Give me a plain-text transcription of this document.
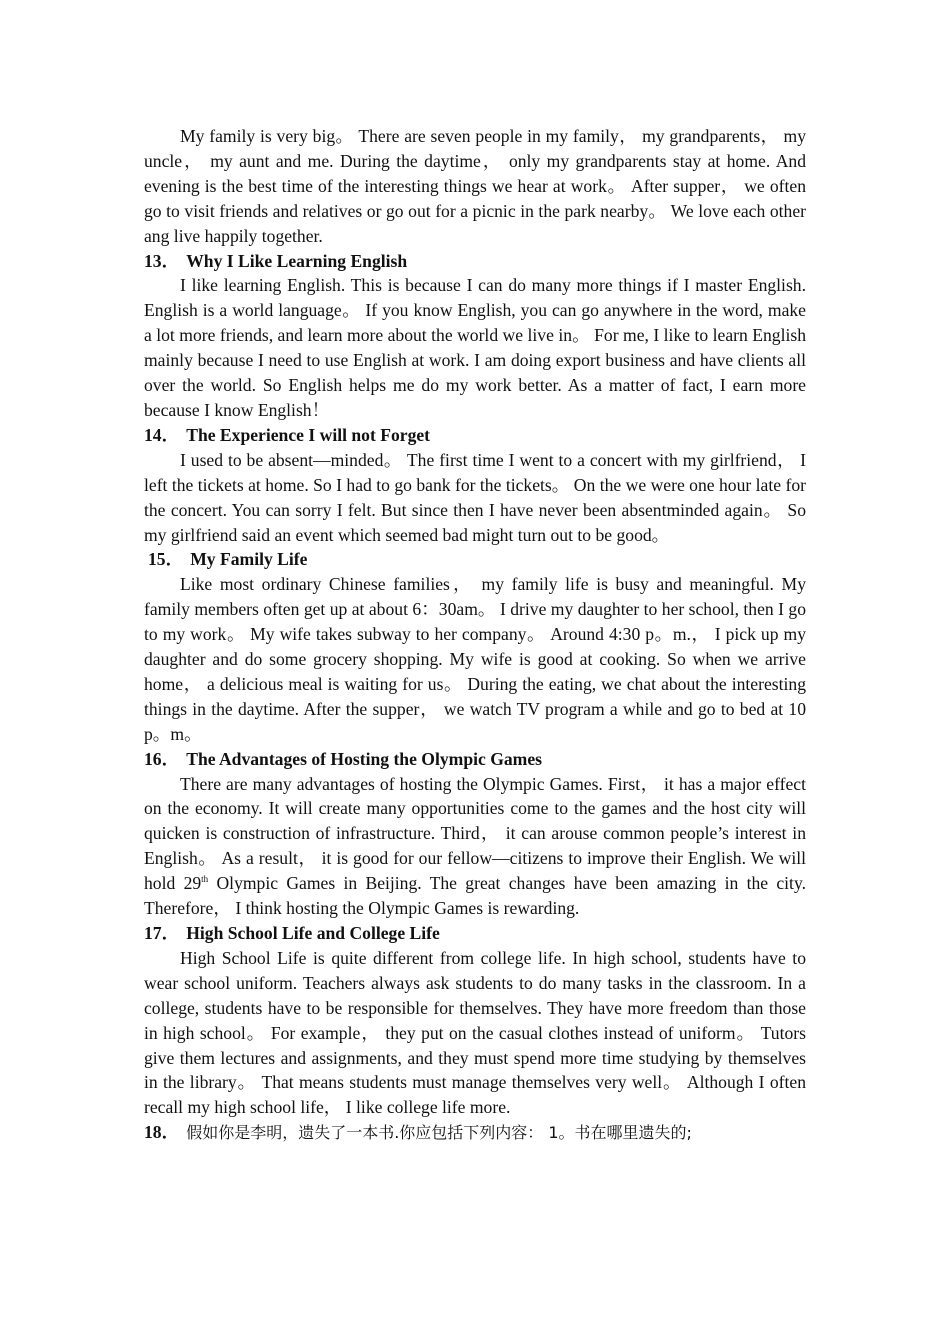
My family is very big。 There are seven people in my family， my grandparents， my uncle， my aunt and me. During the daytime， only my grandparents stay at home. And evening is the best time of the interesting things we hear at work。 After supper， we often go to visit friends and relatives or go out for a picnic in the park nearby。 We love each other ang live happily together.

13． Why I Like Learning English

I like learning English. This is because I can do many more things if I master English. English is a world language。 If you know English, you can go anywhere in the word, make a lot more friends, and learn more about the world we live in。 For me, I like to learn English mainly because I need to use English at work. I am doing export business and have clients all over the world. So English helps me do my work better. As a matter of fact, I earn more because I know English！

14． The Experience I will not Forget

I used to be absent—minded。 The first time I went to a concert with my girlfriend， I left the tickets at home. So I had to go bank for the tickets。 On the we were one hour late for the concert. You can sorry I felt. But since then I have never been absentminded again。 So my girlfriend said an event which seemed bad might turn out to be good。

15． My Family Life

Like most ordinary Chinese families， my family life is busy and meaningful. My family members often get up at about 6：30am。 I drive my daughter to her school, then I go to my work。 My wife takes subway to her company。 Around 4:30 p。m.， I pick up my daughter and do some grocery shopping. My wife is good at cooking. So when we arrive home， a delicious meal is waiting for us。 During the eating, we chat about the interesting things in the daytime. After the supper， we watch TV program a while and go to bed at 10 p。m。

16． The Advantages of Hosting the Olympic Games

There are many advantages of hosting the Olympic Games. First， it has a major effect on the economy. It will create many opportunities come to the games and the host city will quicken is construction of infrastructure. Third， it can arouse common people’s interest in English。 As a result， it is good for our fellow—citizens to improve their English. We will hold 29th Olympic Games in Beijing. The great changes have been amazing in the city. Therefore， I think hosting the Olympic Games is rewarding.

17． High School Life and College Life

High School Life is quite different from college life. In high school, students have to wear school uniform. Teachers always ask students to do many tasks in the classroom. In a college, students have to be responsible for themselves. They have more freedom than those in high school。 For example， they put on the casual clothes instead of uniform。 Tutors give them lectures and assignments, and they must spend more time studying by themselves in the library。 That means students must manage themselves very well。 Although I often recall my high school life， I like college life more.

18． 假如你是李明，遗失了一本书.你应包括下列内容： 1。书在哪里遗失的;
